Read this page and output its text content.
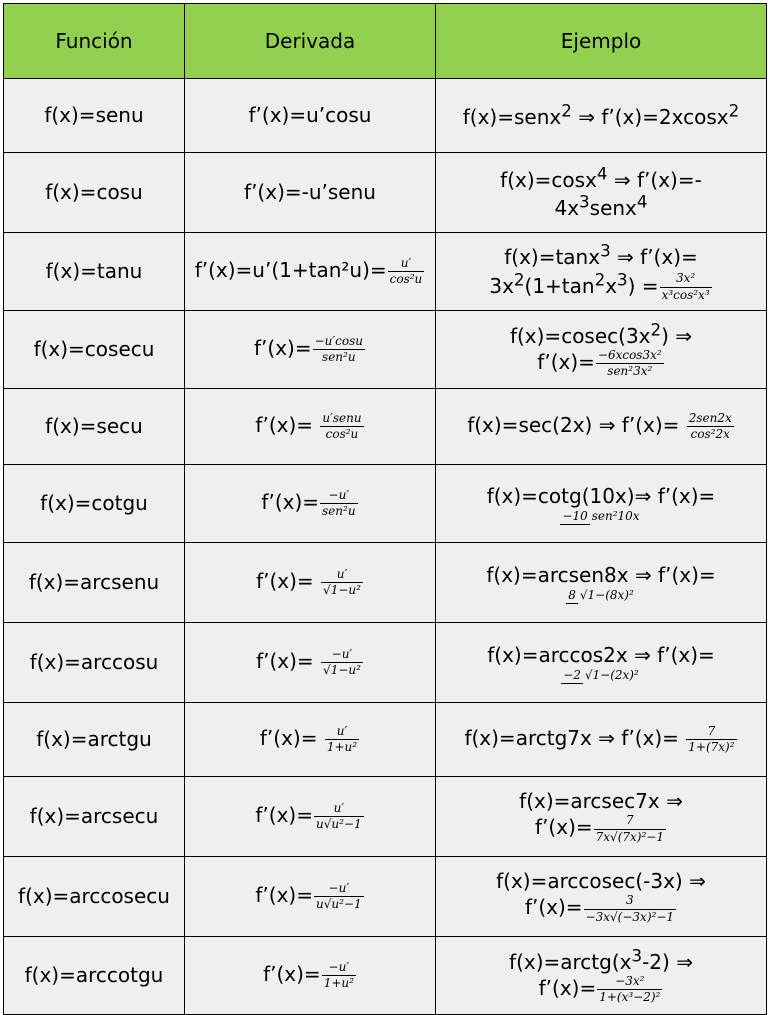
Función	Derivada	Ejemplo
f(x)=senu	f’(x)=u’cosu	f(x)=senx$^2$ ⇒ f’(x)=2xcosx$^2$
f(x)=cosu	f’(x)=-u’senu	f(x)=cosx$^4$ ⇒ f’(x)=-
$4x^3senx^4$
f(x)=tanu	f’(x)=u’(1+tan²u)= $\frac{u'}{\text{cos²u}}$	f(x)=tanx$^3$ ⇒ f’(x)=
$3x^2(1+\tan^2x^3) = \frac{\text{3x²}}{\text{x³cos²x³}}$

f(x)=cosecu	f’(x)= $\frac{-u'\cos u}{\text{sen²u}}$	$f(x)=cosec(3x^2)$ ⇒
f’(x)= $\frac{\text{−6xcos3x²}}{\text{sen²3x²}}$

f(x)=secu	f’(x)= $\frac{\text{u′senu}}{\text{cos²u}}$	f(x)=sec(2x) ⇒ f’(x)= $\frac{\text{2sen2x}}{\text{cos²2x}}$

f(x)=cotgu	f’(x)= $\frac{-u'}{\text{sen²u}}$	f(x)=cotg(10x)⇒ f’(x)=
−10 sen²10x

f(x)=arcsenu	f’(x)= $\frac{u'}{\text{√1−u²}}$	f(x)=arcsen8x ⇒ f’(x)=
8 √1−(8x)²

f(x)=arccosu	f’(x)= $\frac{-u'}{\text{√1−u²}}$	f(x)=arccos2x ⇒ f’(x)=
−2 √1−(2x)²

f(x)=arctgu	f’(x)= $\frac{u'}{\text{1+u²}}$	f(x)=arctg7x ⇒ f’(x)= $\frac{7}{\text{1+(7x)²}}$

f(x)=arcsecu	f’(x)= $\frac{u'}{\text{u√u²−1}}$	f(x)=arcsec7x ⇒
f’(x)= $\frac{7}{\text{7x√(7x)²−1}}$

f(x)=arccosecu	f’(x)= $\frac{-u'}{\text{u√u²−1}}$	f(x)=arccosec(-3x) ⇒
f’(x)= $\frac{3}{\text{−3x√(−3x)²−1}}$

f(x)=arccotgu	f’(x)= $\frac{-u'}{\text{1+u²}}$	$f(x)=arctg(x^3-2)$ ⇒
f’(x)= $\frac{\text{−3x²}}{\text{1+(x³−2)²}}$
